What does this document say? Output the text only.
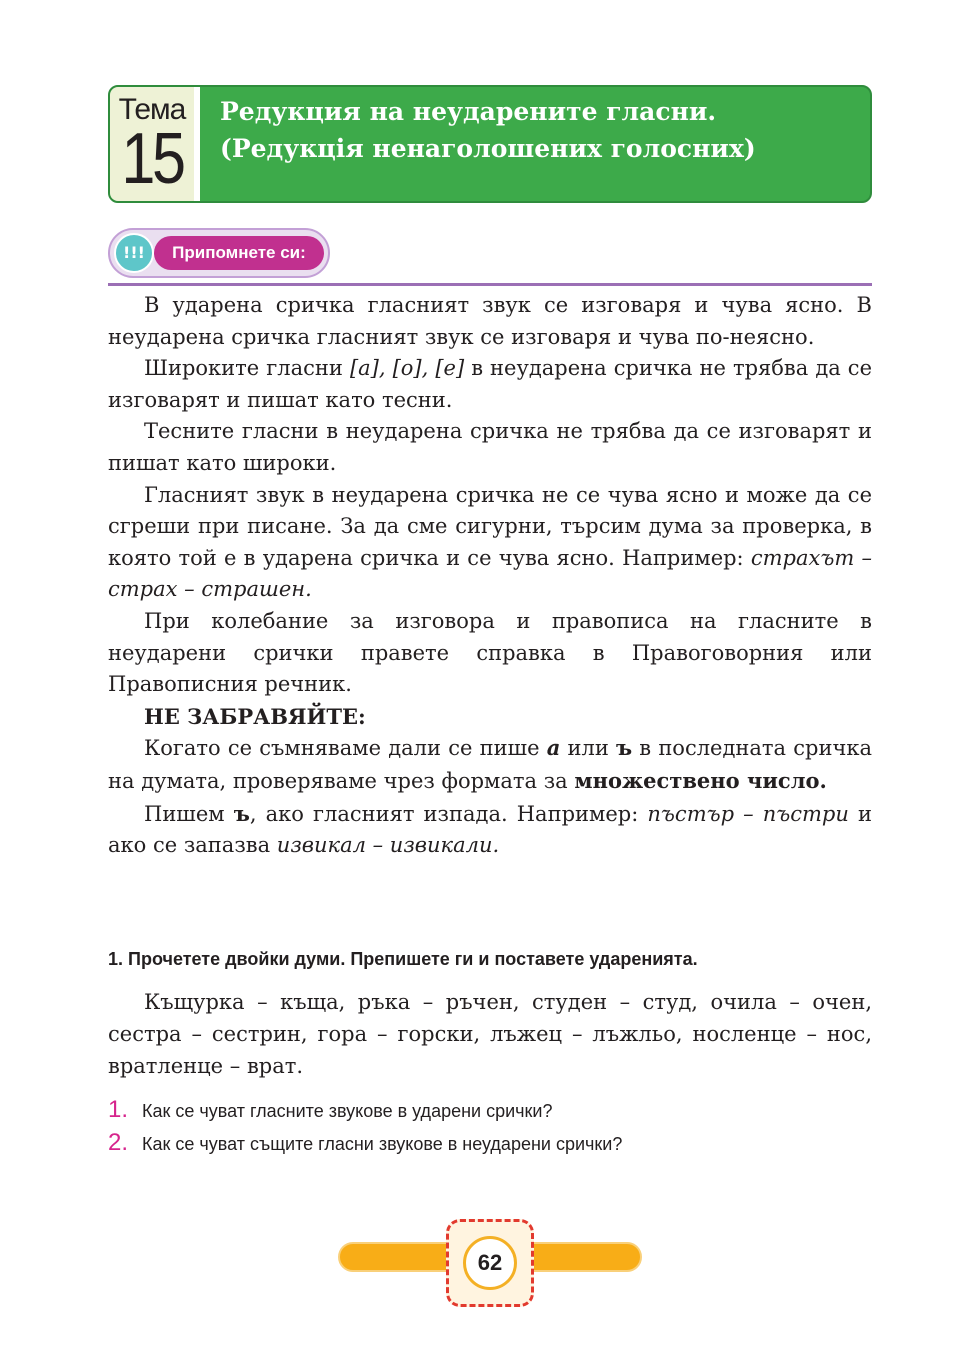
Тема
15
Редукция на неударените гласни.
(Редукція ненаголошених голосних)
!!!	Припомнете си:

В ударена сричка гласният звук се изговаря и чува ясно. В неударена сричка гласният звук се изговаря и чува по-неясно.

Широките гласни [а], [о], [е] в неударена сричка не трябва да се изговарят и пишат като тесни.

Тесните гласни в неударена сричка не трябва да се изговарят и пишат като широки.

Гласният звук в неударена сричка не се чува ясно и може да се сгреши при писане. За да сме сигурни, търсим дума за проверка, в която той е в ударена сричка и се чува ясно. Например: страхът – страх – страшен.

При колебание за изговора и правописа на гласните в неударени срички правете справка в Правоговорния или Правописния речник.

НЕ ЗАБРАВЯЙТЕ:

Когато се съмняваме дали се пише а или ъ в последната сричка на думата, проверяваме чрез формата за множествено число.

Пишем ъ, ако гласният изпада. Например: пъстър – пъстри и ако се запазва извикал – извикали.

1. Прочетете двойки думи. Препишете ги и поставете ударенията.
Къщурка – къща, ръка – ръчен, студен – студ, очила – очен, сестра – сестрин, гора – горски, лъжец – лъжльо, носленце – нос, вратленце – врат.
1. Как се чуват гласните звукове в ударени срички?
2. Как се чуват същите гласни звукове в неударени срички?
62
